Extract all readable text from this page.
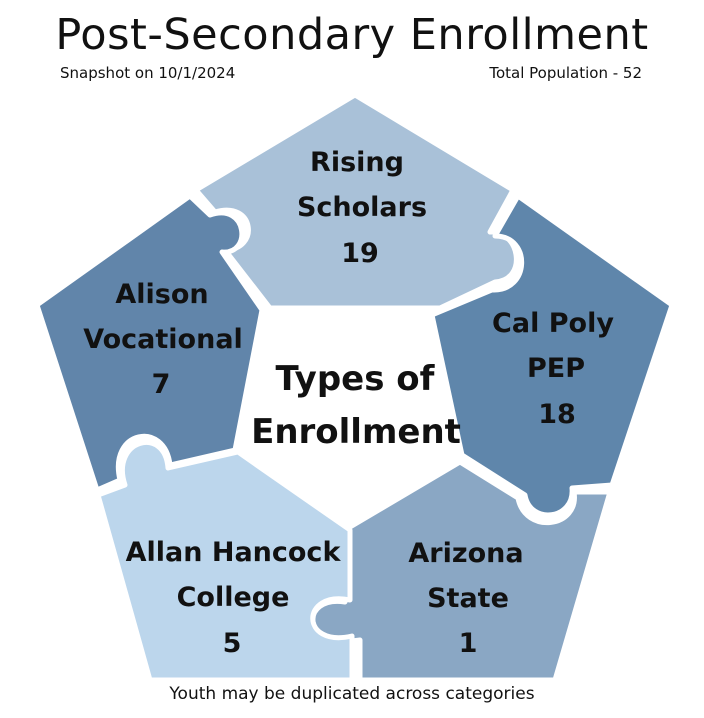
Post-Secondary Enrollment
Snapshot on 10/1/2024	Total Population - 52
Rising
Scholars
19
Cal Poly
PEP
18
Arizona
State
1
Allan Hancock
College
5
Alison
Vocational
7	Types of
Enrollment
Youth may be duplicated across categories
